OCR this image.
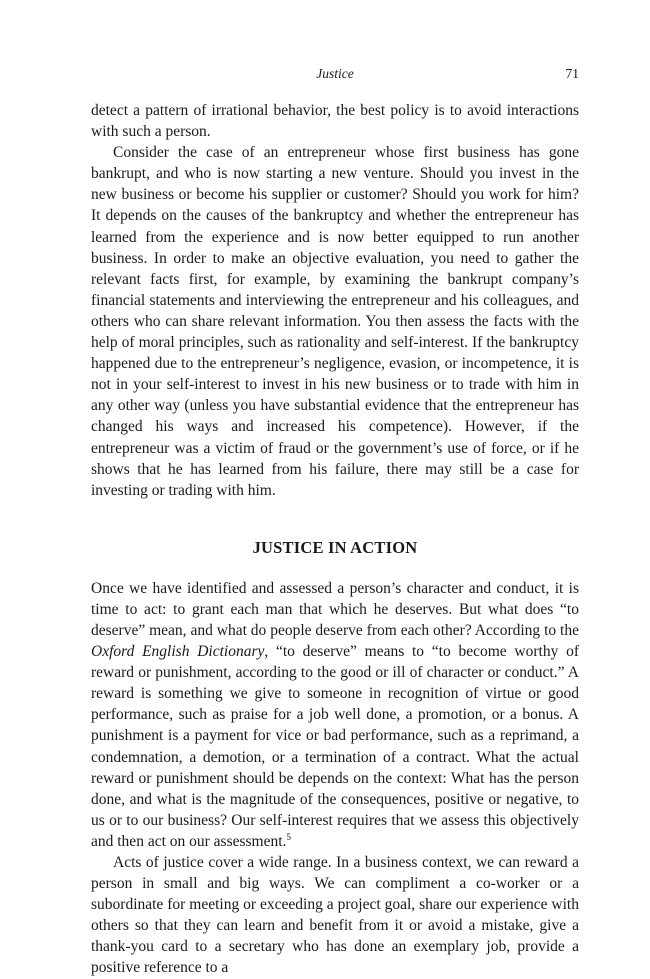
Justice	71

detect a pattern of irrational behavior, the best policy is to avoid interactions with such a person.

Consider the case of an entrepreneur whose first business has gone bankrupt, and who is now starting a new venture. Should you invest in the new business or become his supplier or customer? Should you work for him? It depends on the causes of the bankruptcy and whether the entrepreneur has learned from the experience and is now better equipped to run another business. In order to make an objective evaluation, you need to gather the relevant facts first, for example, by examining the bankrupt company’s financial statements and interviewing the entrepreneur and his colleagues, and others who can share relevant information. You then assess the facts with the help of moral principles, such as rationality and self-interest. If the bankruptcy happened due to the entrepreneur’s negligence, evasion, or incompetence, it is not in your self-interest to invest in his new business or to trade with him in any other way (unless you have substantial evidence that the entrepreneur has changed his ways and increased his competence). However, if the entrepreneur was a victim of fraud or the government’s use of force, or if he shows that he has learned from his failure, there may still be a case for investing or trading with him.

JUSTICE IN ACTION

Once we have identified and assessed a person’s character and conduct, it is time to act: to grant each man that which he deserves. But what does “to deserve” mean, and what do people deserve from each other? According to the Oxford English Dictionary, “to deserve” means to “to become worthy of reward or punishment, according to the good or ill of character or conduct.” A reward is something we give to someone in recognition of virtue or good performance, such as praise for a job well done, a promotion, or a bonus. A punishment is a payment for vice or bad performance, such as a reprimand, a condemnation, a demotion, or a termination of a contract. What the actual reward or punishment should be depends on the context: What has the person done, and what is the magnitude of the consequences, positive or negative, to us or to our business? Our self-interest requires that we assess this objectively and then act on our assessment.$^5$

Acts of justice cover a wide range. In a business context, we can reward a person in small and big ways. We can compliment a co-worker or a subordinate for meeting or exceeding a project goal, share our experience with others so that they can learn and benefit from it or avoid a mistake, give a thank-you card to a secretary who has done an exemplary job, provide a positive reference to a
